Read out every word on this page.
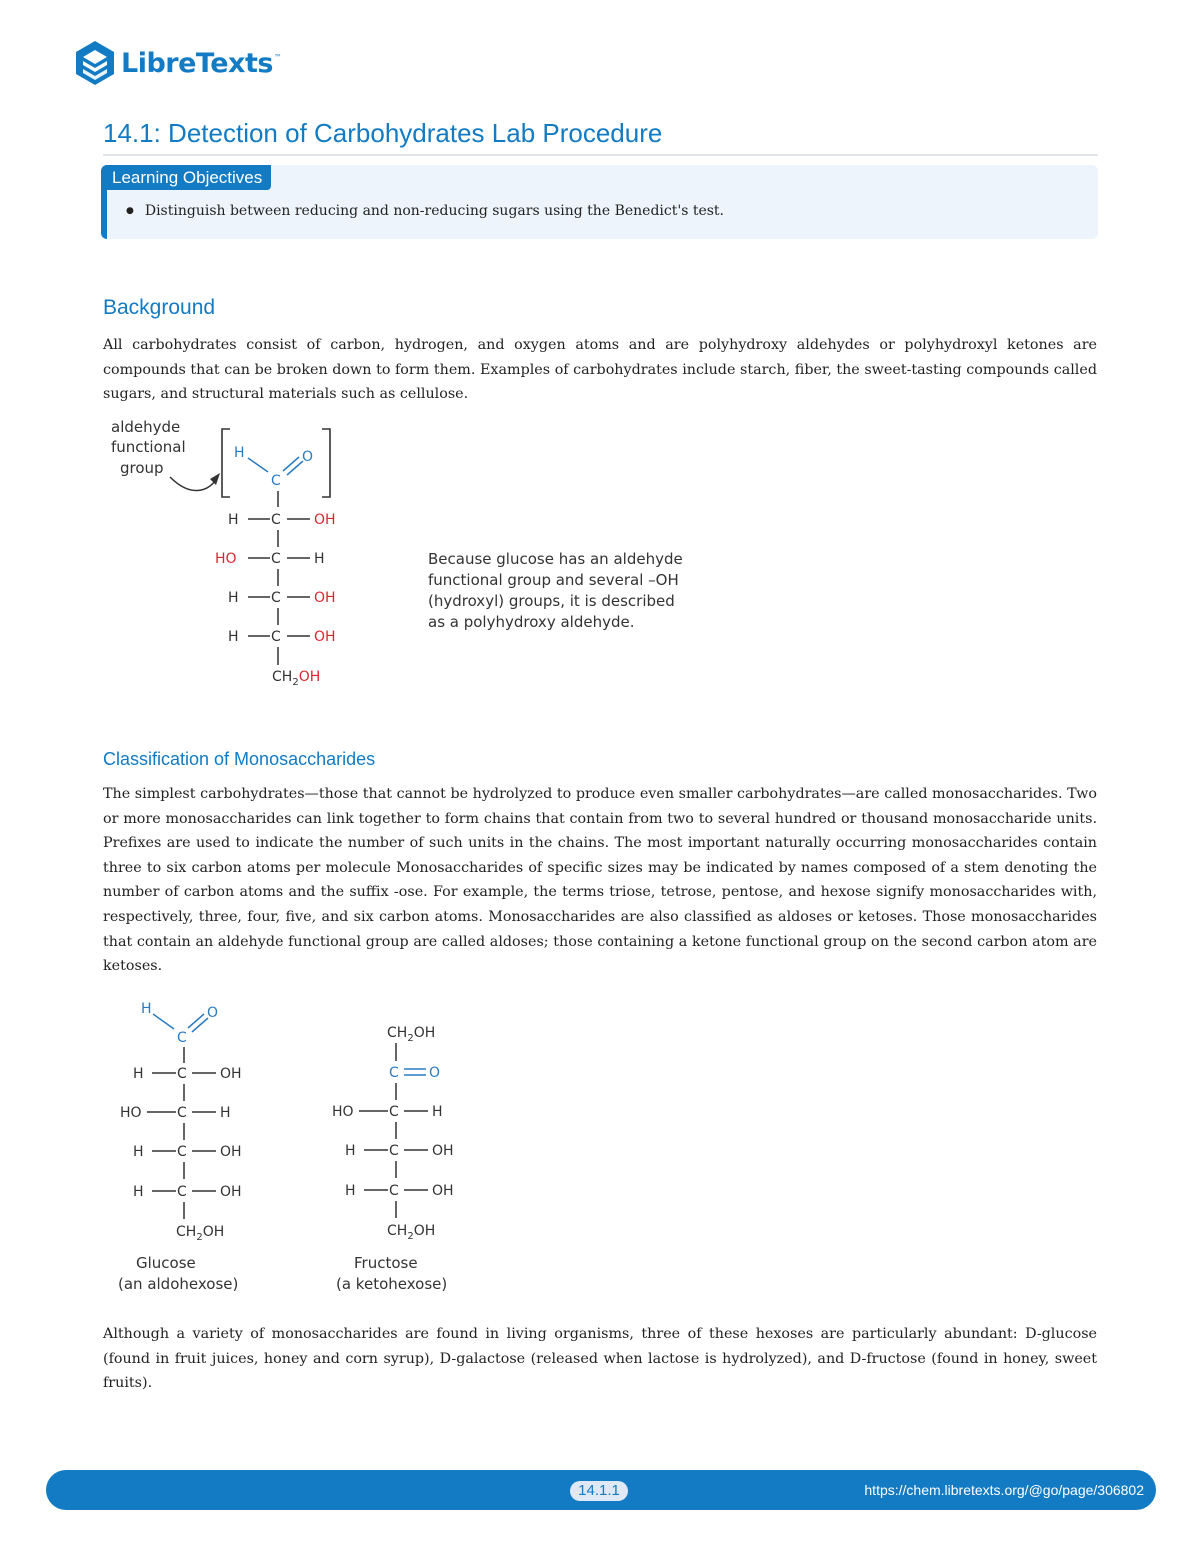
LibreTexts ™
14.1: Detection of Carbohydrates Lab Procedure
Learning Objectives
● Distinguish between reducing and non-reducing sugars using the Benedict's test.
Background

All carbohydrates consist of carbon, hydrogen, and oxygen atoms and are polyhydroxy aldehydes or polyhydroxyl ketones are compounds that can be broken down to form them. Examples of carbohydrates include starch, fiber, the sweet-tasting compounds called sugars, and structural materials such as cellulose.

aldehyde
functional
group
H
C
O
H C OH
HO C H
H C OH
H C OH
$CH_2OH$
Because glucose has an aldehyde
functional group and several –OH
(hydroxyl) groups, it is described
as a polyhydroxy aldehyde.
Classification of Monosaccharides

The simplest carbohydrates—those that cannot be hydrolyzed to produce even smaller carbohydrates—are called monosaccharides. Two or more monosaccharides can link together to form chains that contain from two to several hundred or thousand monosaccharide units. Prefixes are used to indicate the number of such units in the chains. The most important naturally occurring monosaccharides contain three to six carbon atoms per molecule Monosaccharides of specific sizes may be indicated by names composed of a stem denoting the number of carbon atoms and the suffix -ose. For example, the terms triose, tetrose, pentose, and hexose signify monosaccharides with, respectively, three, four, five, and six carbon atoms. Monosaccharides are also classified as aldoses or ketoses. Those monosaccharides that contain an aldehyde functional group are called aldoses; those containing a ketone functional group on the second carbon atom are ketoses.

H
C
O
H C OH
HO	C H
H C OH
H C OH
$CH_2OH$
Glucose
(an aldohexose)
$CH_2OH$
C O
HO	C H
H C OH
H C OH
$CH_2OH$
Fructose
(a ketohexose)

Although a variety of monosaccharides are found in living organisms, three of these hexoses are particularly abundant: D-glucose (found in fruit juices, honey and corn syrup), D-galactose (released when lactose is hydrolyzed), and D-fructose (found in honey, sweet fruits).

14.1.1	https://chem.libretexts.org/@go/page/306802
